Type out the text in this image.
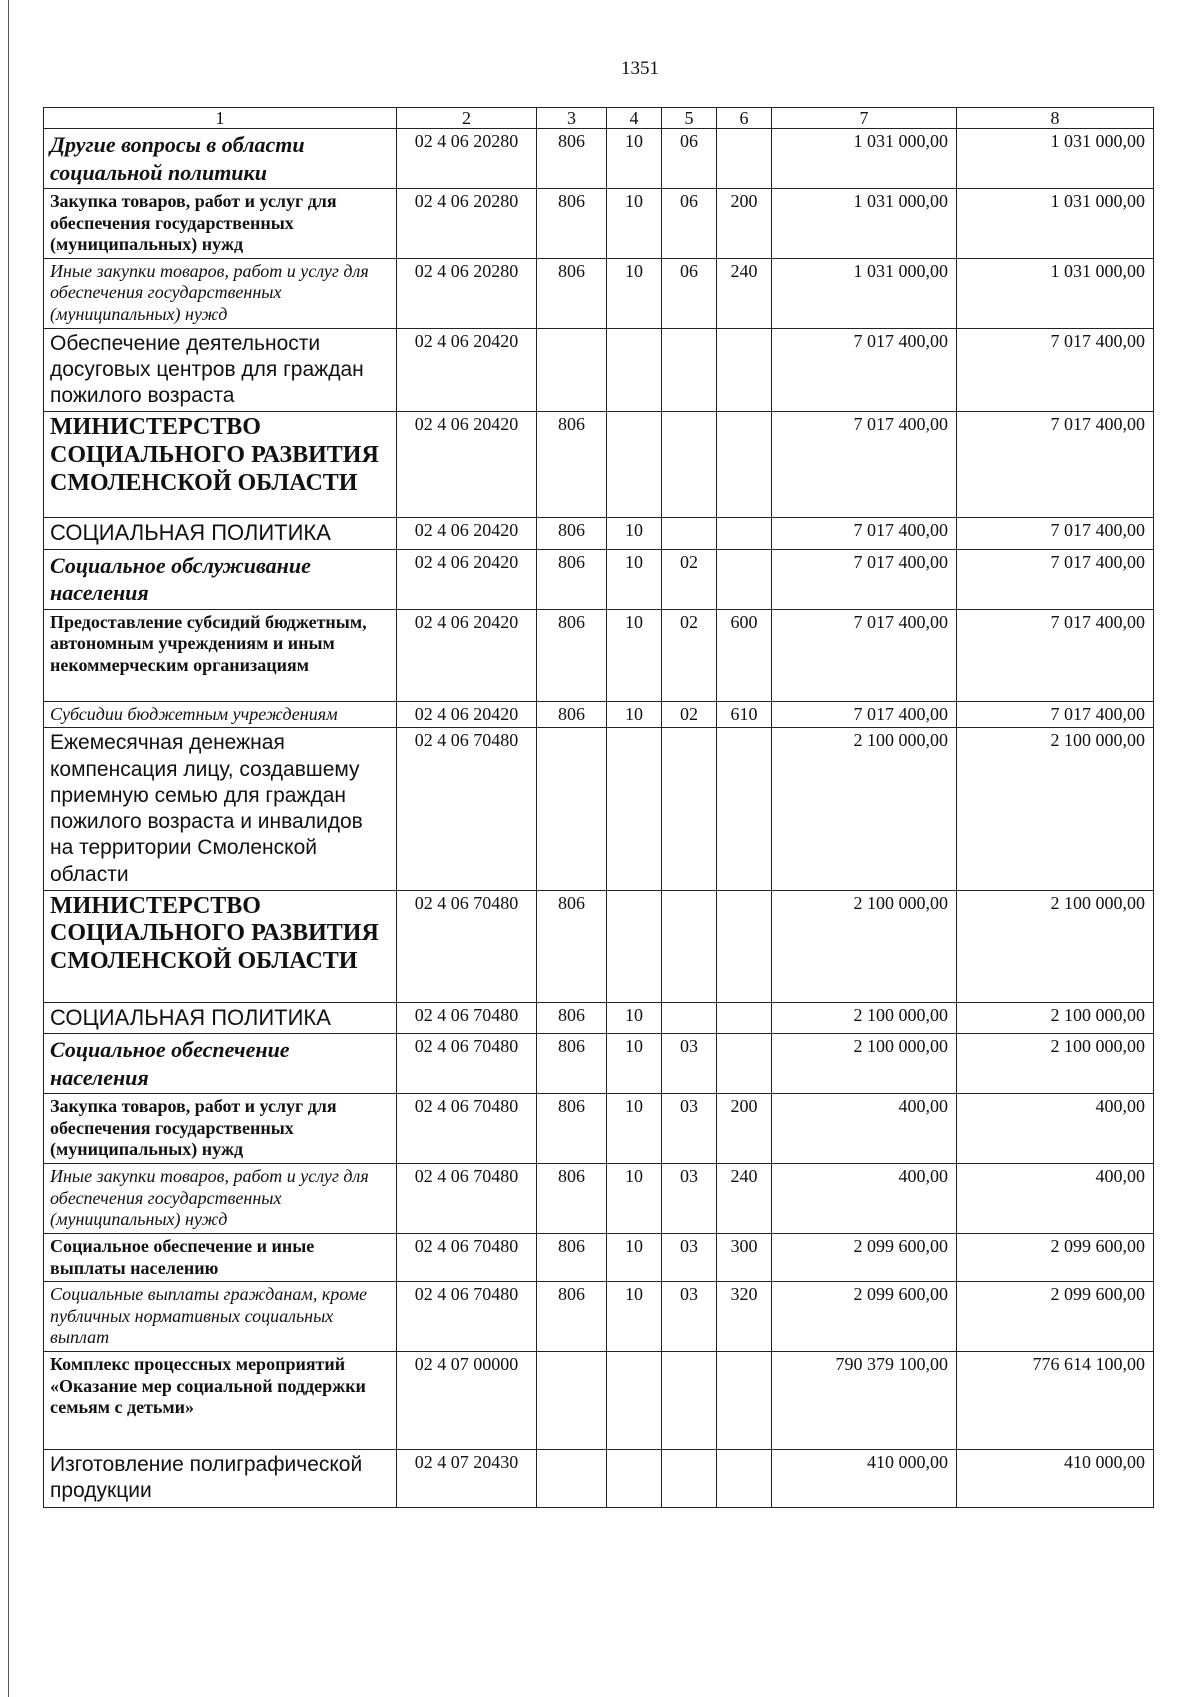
1351
1	2	3	4	5	6	7	8
Другие вопросы в области социальной политики	02 4 06 20280	806	10	06		1 031 000,00	1 031 000,00
Закупка товаров, работ и услуг для обеспечения государственных (муниципальных) нужд	02 4 06 20280	806	10	06	200	1 031 000,00	1 031 000,00
Иные закупки товаров, работ и услуг для обеспечения государственных (муниципальных) нужд	02 4 06 20280	806	10	06	240	1 031 000,00	1 031 000,00
Обеспечение деятельности досуговых центров для граждан пожилого возраста	02 4 06 20420					7 017 400,00	7 017 400,00
МИНИСТЕРСТВО СОЦИАЛЬНОГО РАЗВИТИЯ СМОЛЕНСКОЙ ОБЛАСТИ	02 4 06 20420	806				7 017 400,00	7 017 400,00
СОЦИАЛЬНАЯ ПОЛИТИКА	02 4 06 20420	806	10			7 017 400,00	7 017 400,00
Социальное обслуживание населения	02 4 06 20420	806	10	02		7 017 400,00	7 017 400,00
Предоставление субсидий бюджетным, автономным учреждениям и иным некоммерческим организациям	02 4 06 20420	806	10	02	600	7 017 400,00	7 017 400,00
Субсидии бюджетным учреждениям	02 4 06 20420	806	10	02	610	7 017 400,00	7 017 400,00
Ежемесячная денежная компенсация лицу, создавшему приемную семью для граждан пожилого возраста и инвалидов на территории Смоленской области	02 4 06 70480					2 100 000,00	2 100 000,00
МИНИСТЕРСТВО СОЦИАЛЬНОГО РАЗВИТИЯ СМОЛЕНСКОЙ ОБЛАСТИ	02 4 06 70480	806				2 100 000,00	2 100 000,00
СОЦИАЛЬНАЯ ПОЛИТИКА	02 4 06 70480	806	10			2 100 000,00	2 100 000,00
Социальное обеспечение населения	02 4 06 70480	806	10	03		2 100 000,00	2 100 000,00
Закупка товаров, работ и услуг для обеспечения государственных (муниципальных) нужд	02 4 06 70480	806	10	03	200	400,00	400,00
Иные закупки товаров, работ и услуг для обеспечения государственных (муниципальных) нужд	02 4 06 70480	806	10	03	240	400,00	400,00
Социальное обеспечение и иные выплаты населению	02 4 06 70480	806	10	03	300	2 099 600,00	2 099 600,00
Социальные выплаты гражданам, кроме публичных нормативных социальных выплат	02 4 06 70480	806	10	03	320	2 099 600,00	2 099 600,00
Комплекс процессных мероприятий «Оказание мер социальной поддержки семьям с детьми»	02 4 07 00000					790 379 100,00	776 614 100,00
Изготовление полиграфической продукции	02 4 07 20430					410 000,00	410 000,00
